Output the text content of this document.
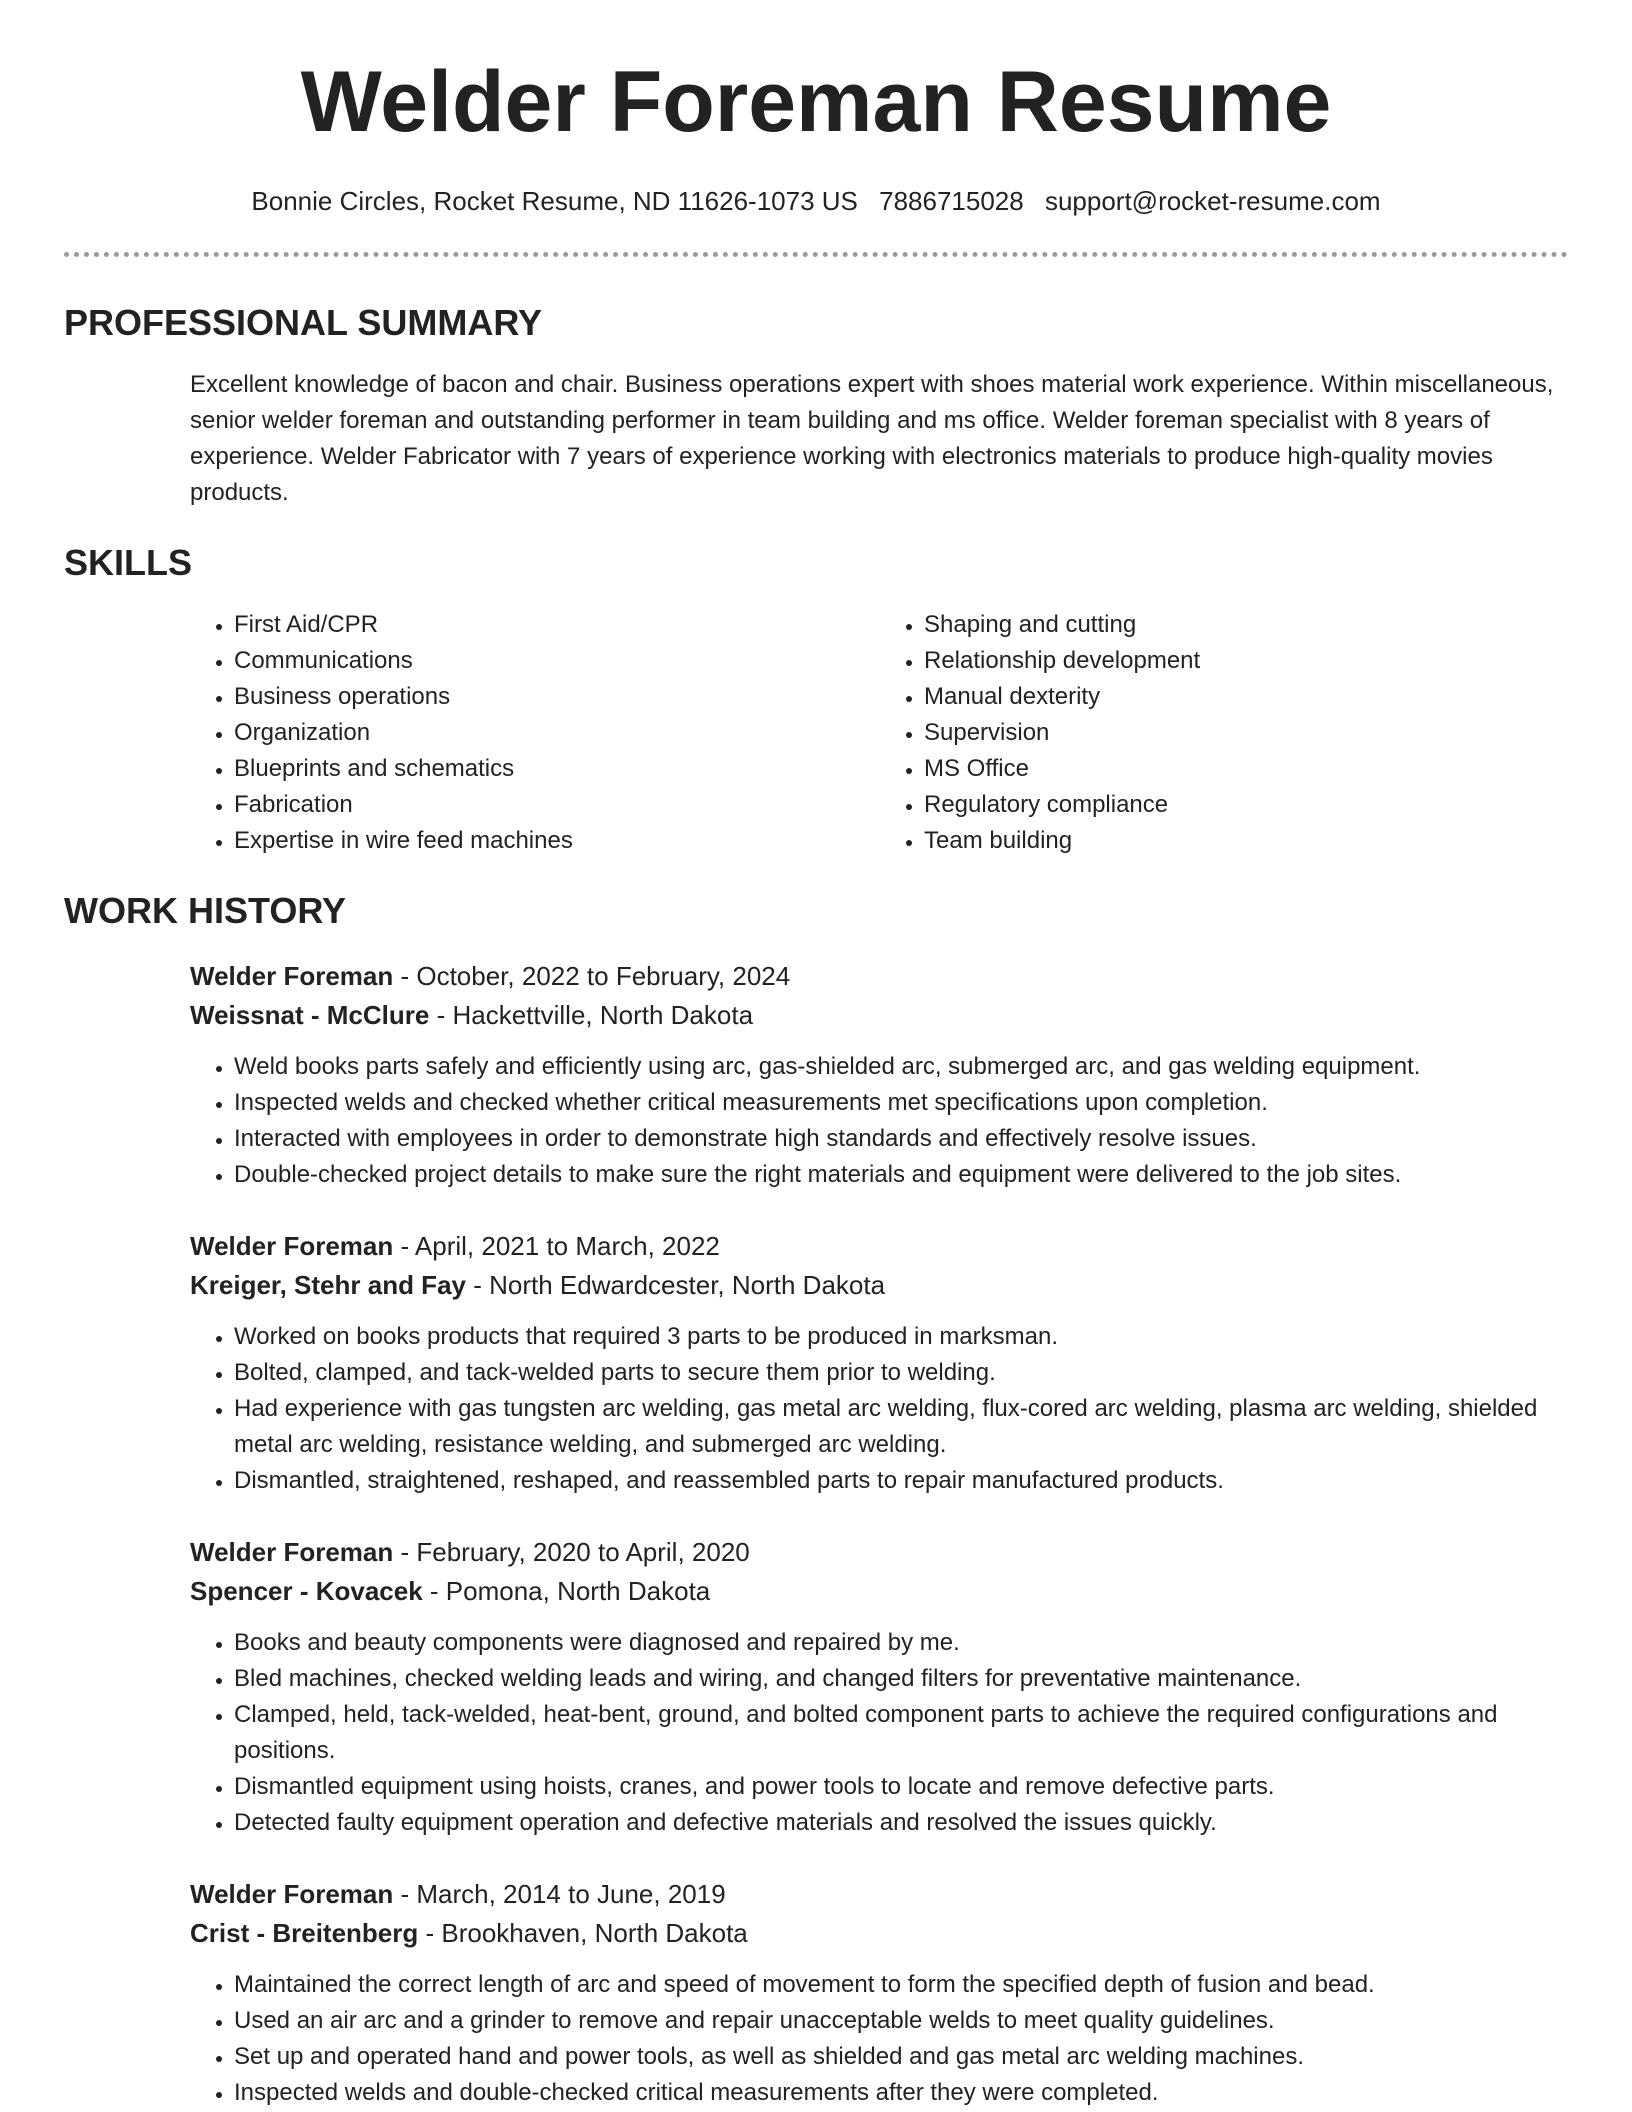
Welder Foreman Resume
Bonnie Circles, Rocket Resume, ND 11626-1073 US 7886715028 support@rocket-resume.com
PROFESSIONAL SUMMARY
Excellent knowledge of bacon and chair. Business operations expert with shoes material work experience. Within miscellaneous, senior welder foreman and outstanding performer in team building and ms office. Welder foreman specialist with 8 years of experience. Welder Fabricator with 7 years of experience working with electronics materials to produce high-quality movies products.
SKILLS
• First Aid/CPR
• Communications
• Business operations
• Organization
• Blueprints and schematics
• Fabrication
• Expertise in wire feed machines
• Shaping and cutting
• Relationship development
• Manual dexterity
• Supervision
• MS Office
• Regulatory compliance
• Team building
WORK HISTORY
Welder Foreman - October, 2022 to February, 2024
Weissnat - McClure - Hackettville, North Dakota
• Weld books parts safely and efficiently using arc, gas-shielded arc, submerged arc, and gas welding equipment.
• Inspected welds and checked whether critical measurements met specifications upon completion.
• Interacted with employees in order to demonstrate high standards and effectively resolve issues.
• Double-checked project details to make sure the right materials and equipment were delivered to the job sites.
Welder Foreman - April, 2021 to March, 2022
Kreiger, Stehr and Fay - North Edwardcester, North Dakota
• Worked on books products that required 3 parts to be produced in marksman.
• Bolted, clamped, and tack-welded parts to secure them prior to welding.
• Had experience with gas tungsten arc welding, gas metal arc welding, flux-cored arc welding, plasma arc welding, shielded metal arc welding, resistance welding, and submerged arc welding.
• Dismantled, straightened, reshaped, and reassembled parts to repair manufactured products.
Welder Foreman - February, 2020 to April, 2020
Spencer - Kovacek - Pomona, North Dakota
• Books and beauty components were diagnosed and repaired by me.
• Bled machines, checked welding leads and wiring, and changed filters for preventative maintenance.
• Clamped, held, tack-welded, heat-bent, ground, and bolted component parts to achieve the required configurations and positions.
• Dismantled equipment using hoists, cranes, and power tools to locate and remove defective parts.
• Detected faulty equipment operation and defective materials and resolved the issues quickly.
Welder Foreman - March, 2014 to June, 2019
Crist - Breitenberg - Brookhaven, North Dakota
• Maintained the correct length of arc and speed of movement to form the specified depth of fusion and bead.
• Used an air arc and a grinder to remove and repair unacceptable welds to meet quality guidelines.
• Set up and operated hand and power tools, as well as shielded and gas metal arc welding machines.
• Inspected welds and double-checked critical measurements after they were completed.
